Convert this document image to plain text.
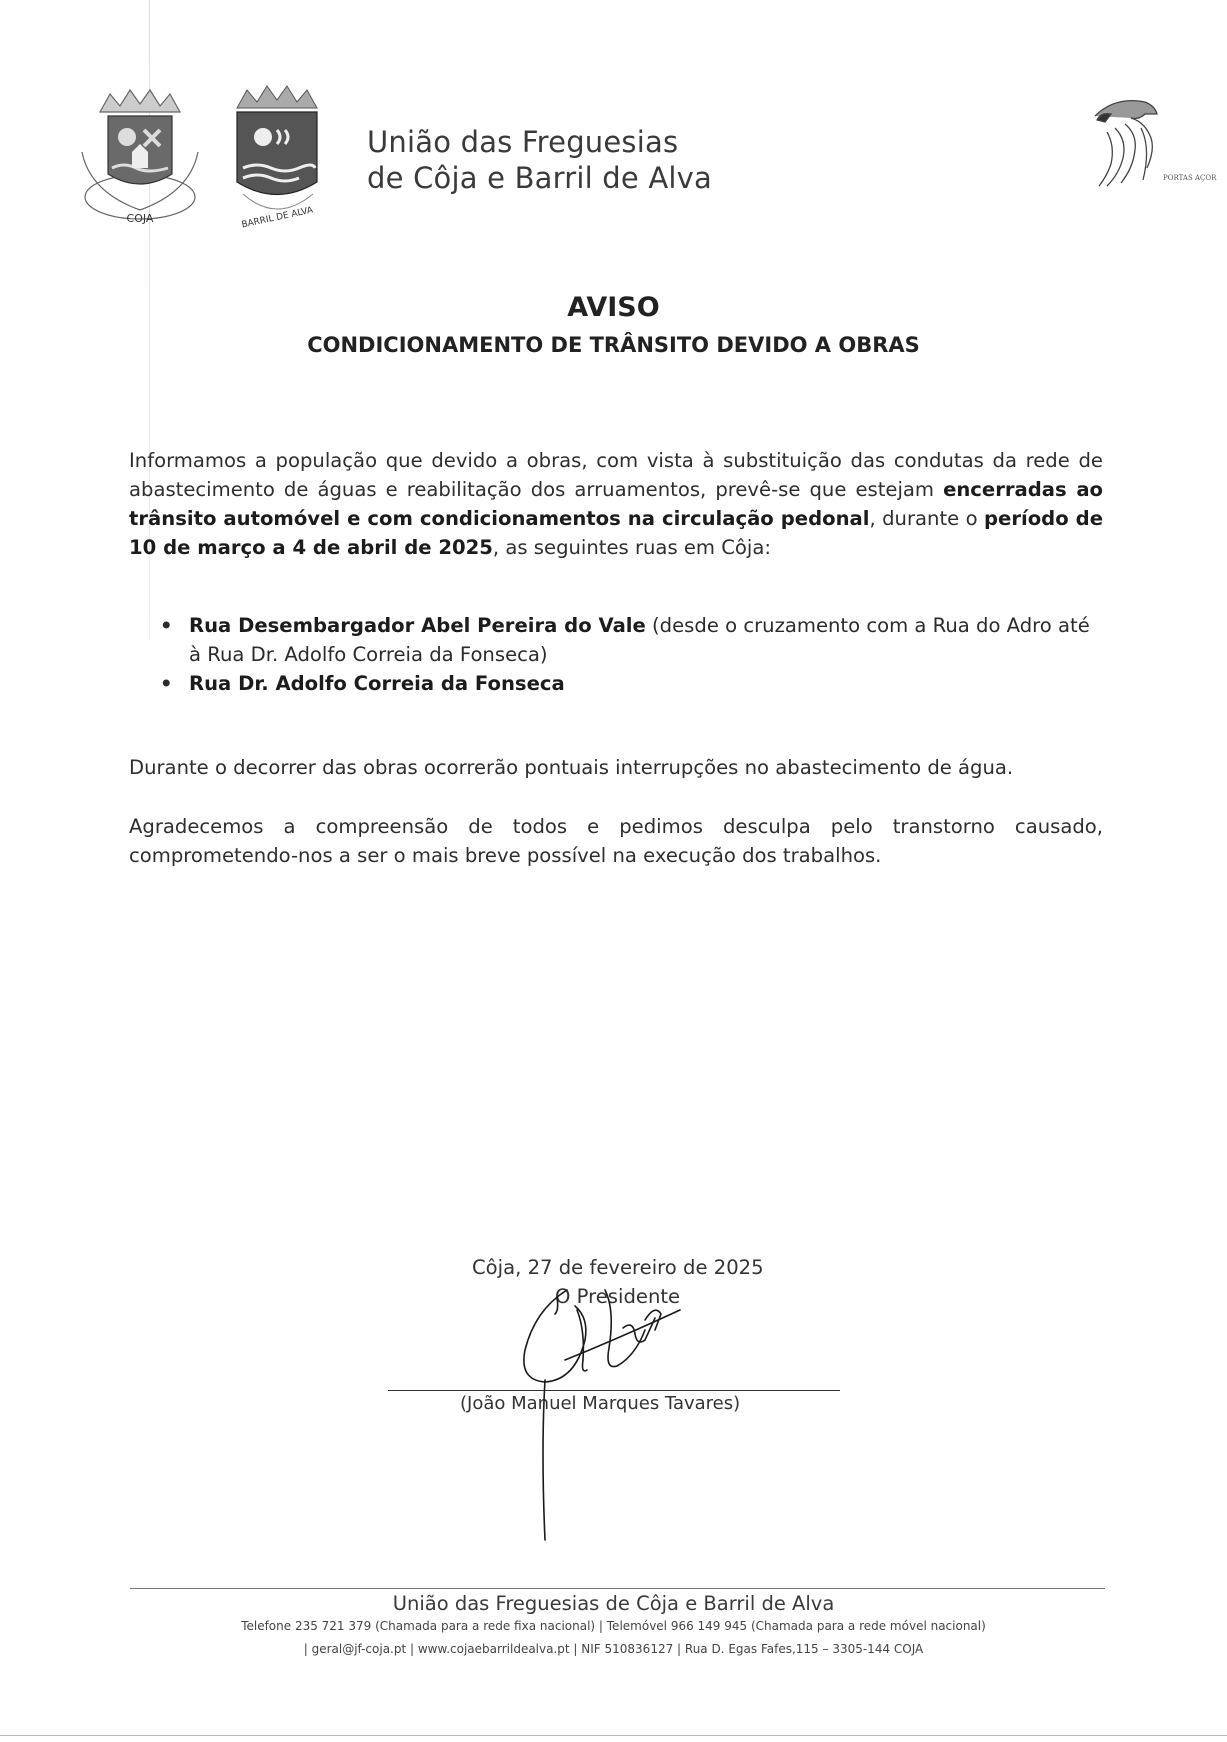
COJA	BARRIL DE ALVA
União das Freguesias
de Côja e Barril de Alva	PORTAS AÇOR
AVISO
CONDICIONAMENTO DE TRÂNSITO DEVIDO A OBRAS
Informamos a população que devido a obras, com vista à substituição das condutas da rede de abastecimento de águas e reabilitação dos arruamentos, prevê-se que estejam encerradas ao trânsito automóvel e com condicionamentos na circulação pedonal, durante o período de 10 de março a 4 de abril de 2025, as seguintes ruas em Côja:
• Rua Desembargador Abel Pereira do Vale (desde o cruzamento com a Rua do Adro até à Rua Dr. Adolfo Correia da Fonseca)
• Rua Dr. Adolfo Correia da Fonseca
Durante o decorrer das obras ocorrerão pontuais interrupções no abastecimento de água.
Agradecemos a compreensão de todos e pedimos desculpa pelo transtorno causado, comprometendo-nos a ser o mais breve possível na execução dos trabalhos.
Côja, 27 de fevereiro de 2025
O Presidente
(João Manuel Marques Tavares)
União das Freguesias de Côja e Barril de Alva
Telefone 235 721 379 (Chamada para a rede fixa nacional) | Telemóvel 966 149 945 (Chamada para a rede móvel nacional)
| geral@jf-coja.pt | www.cojaebarrildealva.pt | NIF 510836127 | Rua D. Egas Fafes,115 – 3305-144 COJA
